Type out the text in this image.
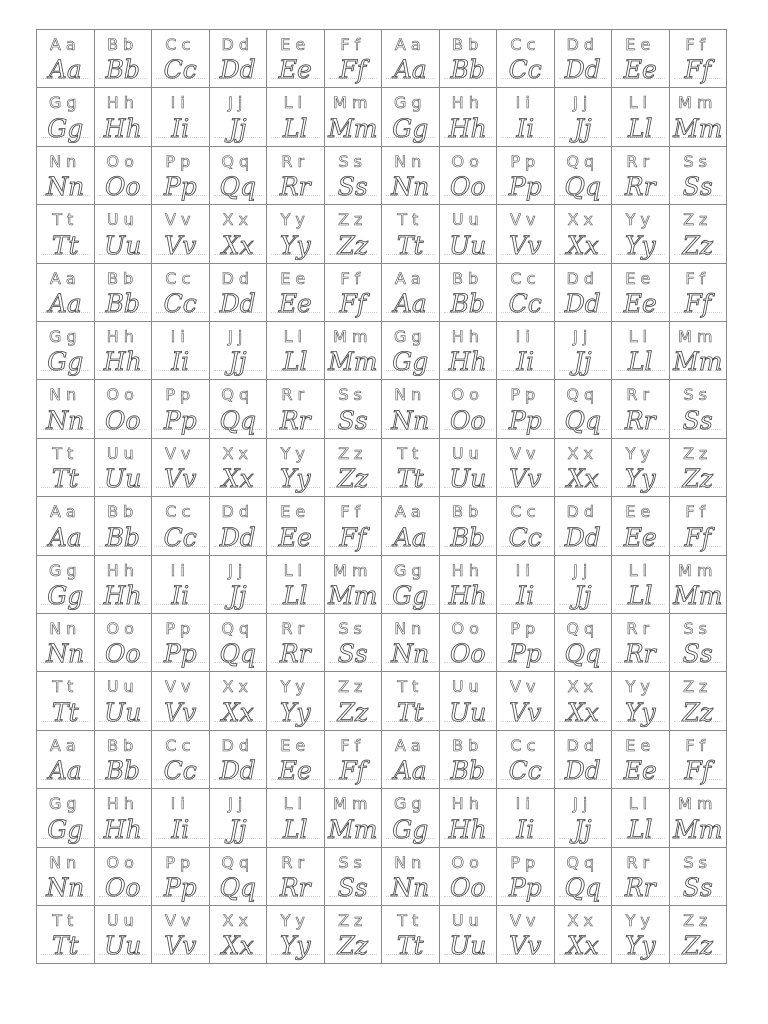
Aa
Aa
Bb
Bb
Cc
Cc
Dd
Dd
Ee
Ee
Ff
Ff
Aa
Aa
Bb
Bb
Cc
Cc
Dd
Dd
Ee
Ee
Ff
Ff
Gg
Gg
Hh
Hh
Ii
Ii
Jj
Jj
Ll
Ll
Mm
Mm
Gg
Gg
Hh
Hh
Ii
Ii
Jj
Jj
Ll
Ll
Mm
Mm
Nn
Nn
Oo
Oo
Pp
Pp
Qq
Qq
Rr
Rr
Ss
Ss
Nn
Nn
Oo
Oo
Pp
Pp
Qq
Qq
Rr
Rr
Ss
Ss
Tt
Tt
Uu
Uu
Vv
Vv
Xx
Xx
Yy
Yy
Zz
Zz
Tt
Tt
Uu
Uu
Vv
Vv
Xx
Xx
Yy
Yy
Zz
Zz
Aa
Aa
Bb
Bb
Cc
Cc
Dd
Dd
Ee
Ee
Ff
Ff
Aa
Aa
Bb
Bb
Cc
Cc
Dd
Dd
Ee
Ee
Ff
Ff
Gg
Gg
Hh
Hh
Ii
Ii
Jj
Jj
Ll
Ll
Mm
Mm
Gg
Gg
Hh
Hh
Ii
Ii
Jj
Jj
Ll
Ll
Mm
Mm
Nn
Nn
Oo
Oo
Pp
Pp
Qq
Qq
Rr
Rr
Ss
Ss
Nn
Nn
Oo
Oo
Pp
Pp
Qq
Qq
Rr
Rr
Ss
Ss
Tt
Tt
Uu
Uu
Vv
Vv
Xx
Xx
Yy
Yy
Zz
Zz
Tt
Tt
Uu
Uu
Vv
Vv
Xx
Xx
Yy
Yy
Zz
Zz
Aa
Aa
Bb
Bb
Cc
Cc
Dd
Dd
Ee
Ee
Ff
Ff
Aa
Aa
Bb
Bb
Cc
Cc
Dd
Dd
Ee
Ee
Ff
Ff
Gg
Gg
Hh
Hh
Ii
Ii
Jj
Jj
Ll
Ll
Mm
Mm
Gg
Gg
Hh
Hh
Ii
Ii
Jj
Jj
Ll
Ll
Mm
Mm
Nn
Nn
Oo
Oo
Pp
Pp
Qq
Qq
Rr
Rr
Ss
Ss
Nn
Nn
Oo
Oo
Pp
Pp
Qq
Qq
Rr
Rr
Ss
Ss
Tt
Tt
Uu
Uu
Vv
Vv
Xx
Xx
Yy
Yy
Zz
Zz
Tt
Tt
Uu
Uu
Vv
Vv
Xx
Xx
Yy
Yy
Zz
Zz
Aa
Aa
Bb
Bb
Cc
Cc
Dd
Dd
Ee
Ee
Ff
Ff
Aa
Aa
Bb
Bb
Cc
Cc
Dd
Dd
Ee
Ee
Ff
Ff
Gg
Gg
Hh
Hh
Ii
Ii
Jj
Jj
Ll
Ll
Mm
Mm
Gg
Gg
Hh
Hh
Ii
Ii
Jj
Jj
Ll
Ll
Mm
Mm
Nn
Nn
Oo
Oo
Pp
Pp
Qq
Qq
Rr
Rr
Ss
Ss
Nn
Nn
Oo
Oo
Pp
Pp
Qq
Qq
Rr
Rr
Ss
Ss
Tt
Tt
Uu
Uu
Vv
Vv
Xx
Xx
Yy
Yy
Zz
Zz
Tt
Tt
Uu
Uu
Vv
Vv
Xx
Xx
Yy
Yy
Zz
Zz
